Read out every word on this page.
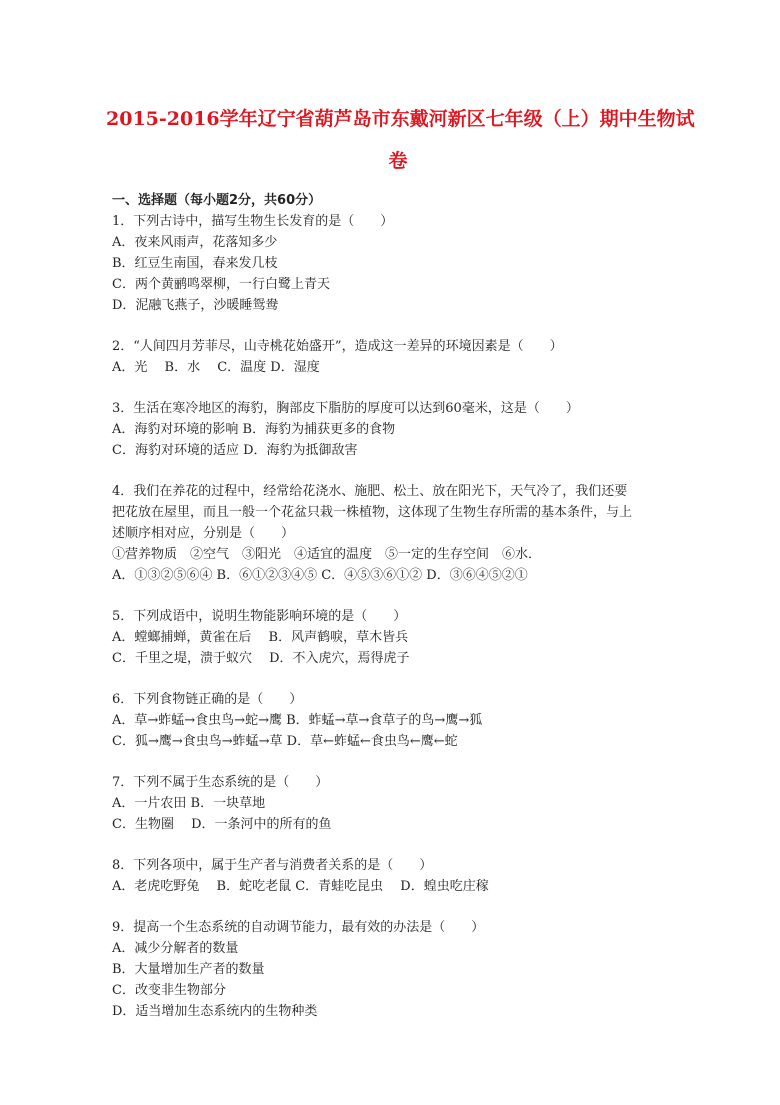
2015-2016学年辽宁省葫芦岛市东戴河新区七年级（上）期中生物试
卷
一、选择题（每小题2分，共60分）
1．下列古诗中，描写生物生长发育的是（　　）
A．夜来风雨声，花落知多少
B．红豆生南国，春来发几枝
C．两个黄鹂鸣翠柳，一行白鹭上青天
D．泥融飞燕子，沙暖睡鸳鸯
2．“人间四月芳菲尽，山寺桃花始盛开”，造成这一差异的环境因素是（　　）
A．光　 B．水　 C．温度 D．湿度
3．生活在寒冷地区的海豹，胸部皮下脂肪的厚度可以达到60毫米，这是（　　）
A．海豹对环境的影响 B．海豹为捕获更多的食物
C．海豹对环境的适应 D．海豹为抵御敌害
4．我们在养花的过程中，经常给花浇水、施肥、松土、放在阳光下，天气冷了，我们还要
把花放在屋里，而且一般一个花盆只栽一株植物，这体现了生物生存所需的基本条件，与上
述顺序相对应，分别是（　　）
①营养物质　②空气　③阳光　④适宜的温度　⑤一定的生存空间　⑥水．
A．①③②⑤⑥④ B．⑥①②③④⑤ C．④⑤③⑥①② D．③⑥④⑤②①
5．下列成语中，说明生物能影响环境的是（　　）
A．螳螂捕蝉，黄雀在后　 B．风声鹤唳，草木皆兵
C．千里之堤，溃于蚁穴　 D．不入虎穴，焉得虎子
6．下列食物链正确的是（　　）
A．草→蚱蜢→食虫鸟→蛇→鹰 B．蚱蜢→草→食草子的鸟→鹰→狐
C．狐→鹰→食虫鸟→蚱蜢→草 D．草←蚱蜢←食虫鸟←鹰←蛇
7．下列不属于生态系统的是（　　）
A．一片农田 B．一块草地
C．生物圈　 D．一条河中的所有的鱼
8．下列各项中，属于生产者与消费者关系的是（　　）
A．老虎吃野兔　 B．蛇吃老鼠 C．青蛙吃昆虫　 D．蝗虫吃庄稼
9．提高一个生态系统的自动调节能力，最有效的办法是（　　）
A．减少分解者的数量
B．大量增加生产者的数量
C．改变非生物部分
D．适当增加生态系统内的生物种类
